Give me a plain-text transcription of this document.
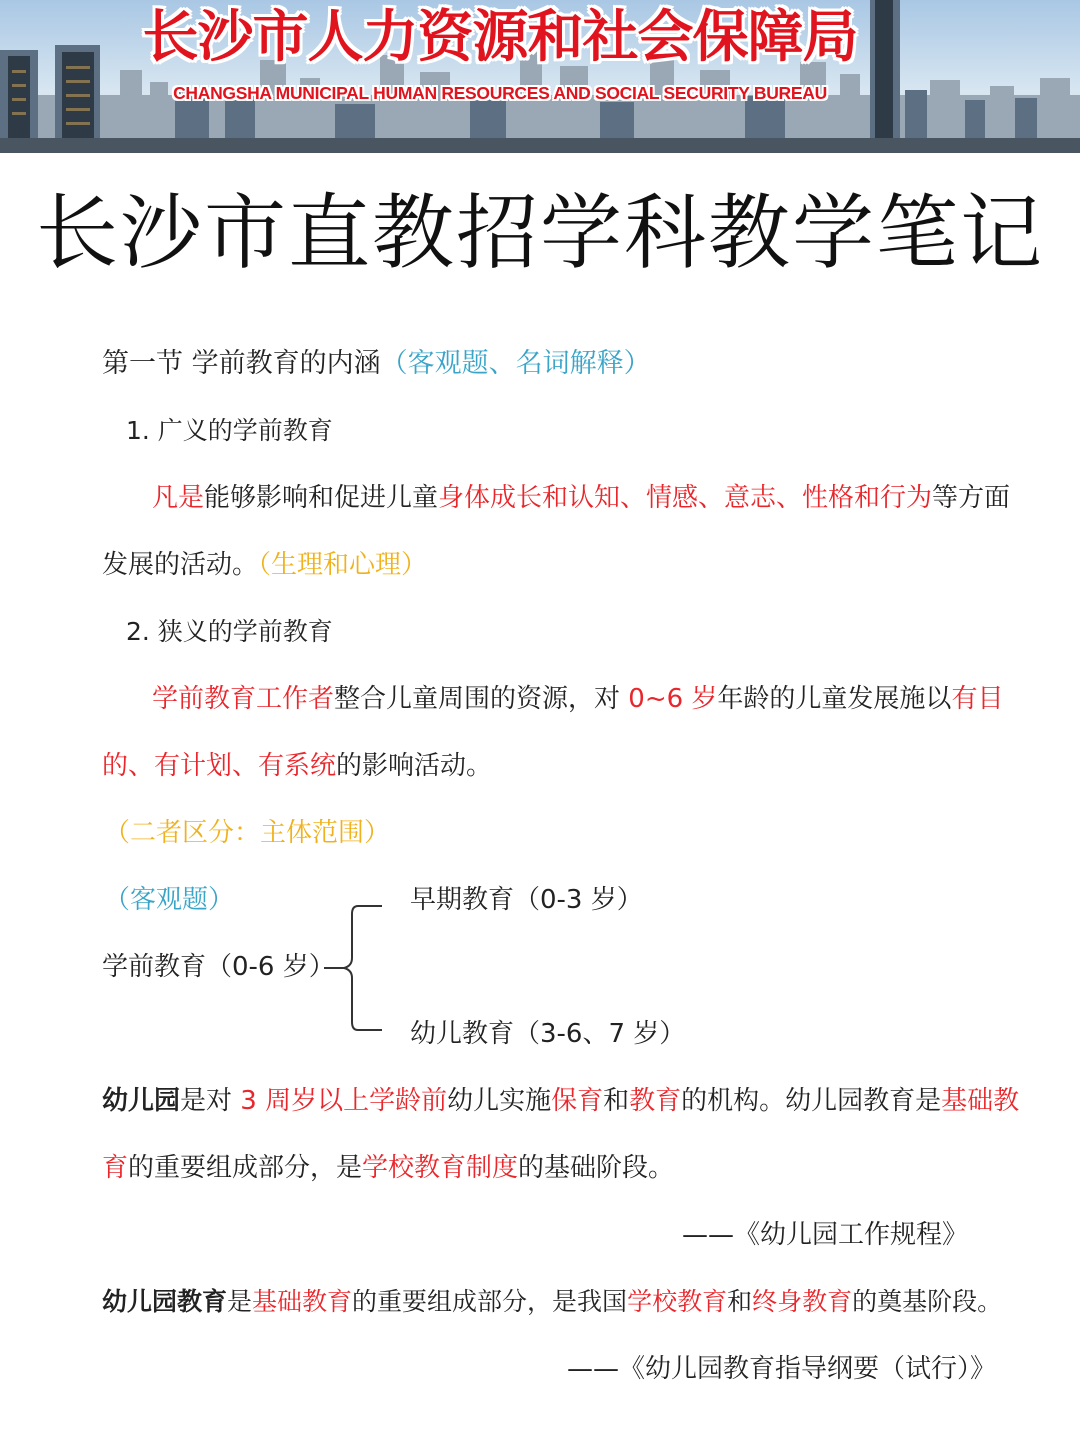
长沙市人力资源和社会保障局
CHANGSHA MUNICIPAL HUMAN RESOURCES AND SOCIAL SECURITY BUREAU
长沙市直教招学科教学笔记
第一节 学前教育的内涵（客观题、名词解释）
1. 广义的学前教育
凡是能够影响和促进儿童身体成长和认知、情感、意志、性格和行为等方面
发展的活动。（生理和心理）
2. 狭义的学前教育
学前教育工作者整合儿童周围的资源，对 0~6 岁年龄的儿童发展施以有目
的、有计划、有系统的影响活动。
（二者区分：主体范围）
（客观题）
学前教育（0-6 岁）
早期教育（0-3 岁）
幼儿教育（3-6、7 岁）
幼儿园是对 3 周岁以上学龄前幼儿实施保育和教育的机构。幼儿园教育是基础教
育的重要组成部分，是学校教育制度的基础阶段。
——《幼儿园工作规程》
幼儿园教育是基础教育的重要组成部分，是我国学校教育和终身教育的奠基阶段。
——《幼儿园教育指导纲要（试行）》
